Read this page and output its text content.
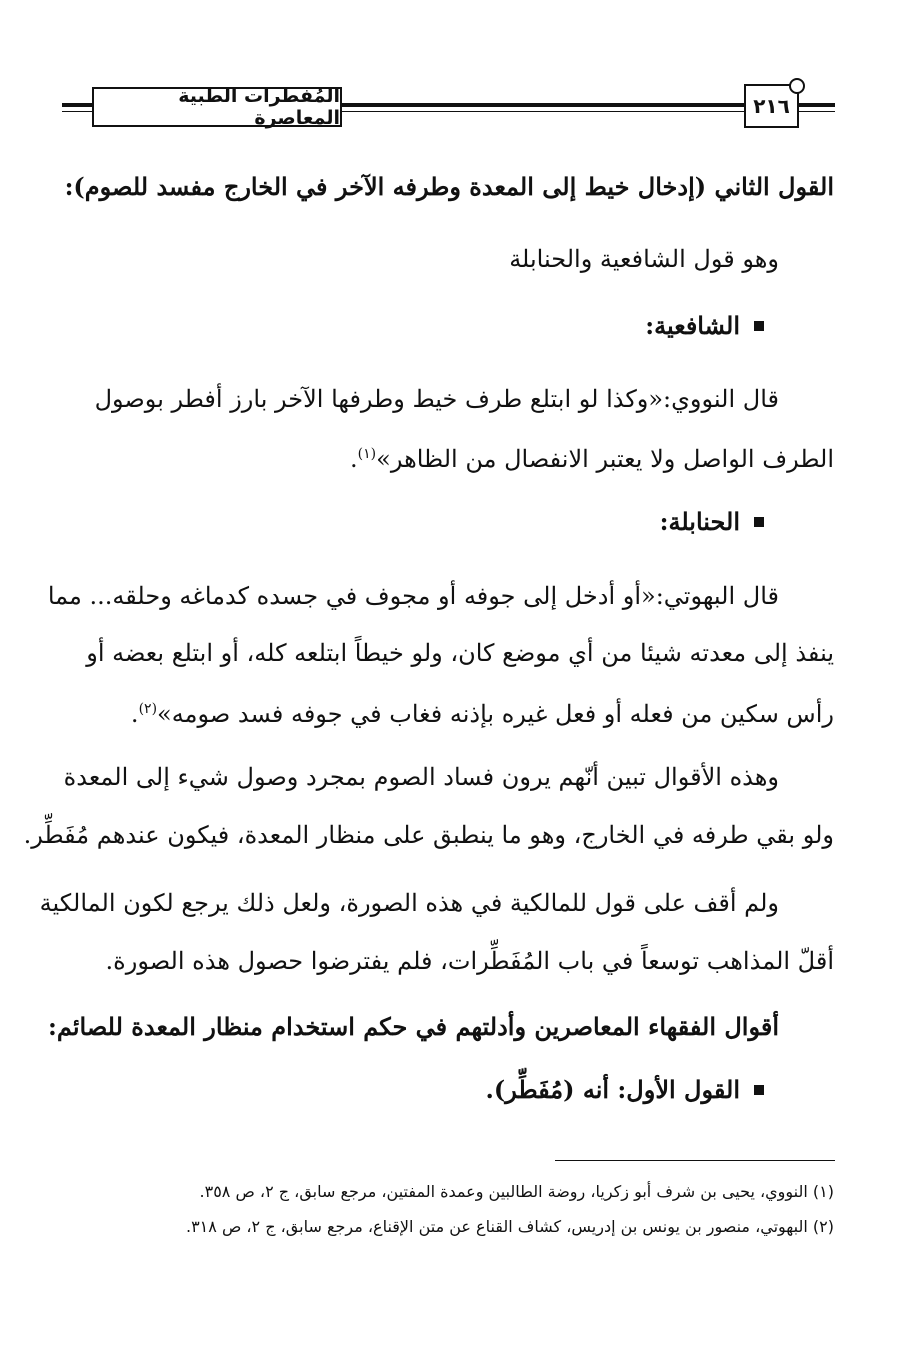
المُفطرات الطبية المعاصرة	٢١٦
القول الثاني (إدخال خيط إلى المعدة وطرفه الآخر في الخارج مفسد للصوم):
وهو قول الشافعية والحنابلة
الشافعية:
قال النووي:«وكذا لو ابتلع طرف خيط وطرفها الآخر بارز أفطر بوصول
الطرف الواصل ولا يعتبر الانفصال من الظاهر»$^{(١)}$.
الحنابلة:
قال البهوتي:«أو أدخل إلى جوفه أو مجوف في جسده كدماغه وحلقه... مما
ينفذ إلى معدته شيئا من أي موضع كان، ولو خيطاً ابتلعه كله، أو ابتلع بعضه أو
رأس سكين من فعله أو فعل غيره بإذنه فغاب في جوفه فسد صومه»$^{(٢)}$.
وهذه الأقوال تبين أنّهم يرون فساد الصوم بمجرد وصول شيء إلى المعدة
ولو بقي طرفه في الخارج، وهو ما ينطبق على منظار المعدة، فيكون عندهم مُفَطِّر.
ولم أقف على قول للمالكية في هذه الصورة، ولعل ذلك يرجع لكون المالكية
أقلّ المذاهب توسعاً في باب المُفَطِّرات، فلم يفترضوا حصول هذه الصورة.
أقوال الفقهاء المعاصرين وأدلتهم في حكم استخدام منظار المعدة للصائم:
القول الأول: أنه (مُفَطِّر).
(١) النووي، يحيى بن شرف أبو زكريا، روضة الطالبين وعمدة المفتين، مرجع سابق، ج ٢، ص ٣٥٨.
(٢) البهوتي، منصور بن يونس بن إدريس، كشاف القناع عن متن الإقناع، مرجع سابق، ج ٢، ص ٣١٨.
